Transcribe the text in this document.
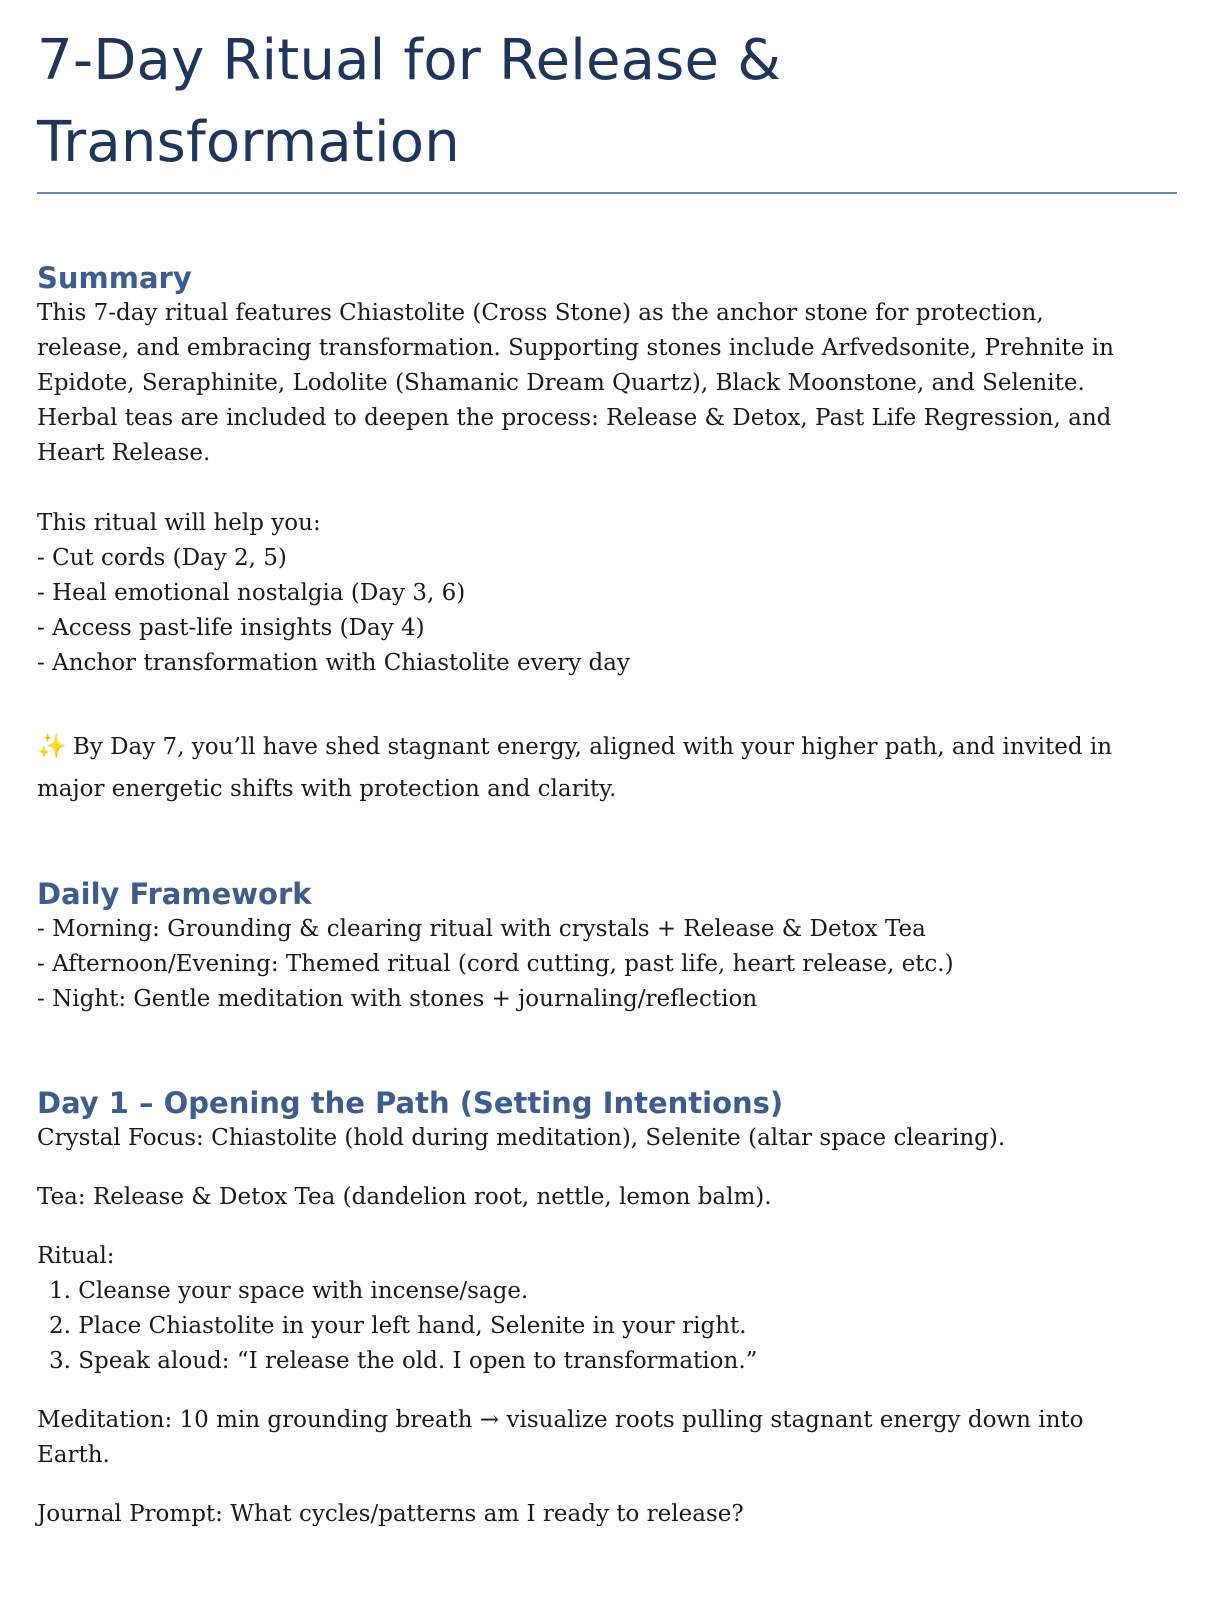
7-Day Ritual for Release & Transformation
Summary

This 7-day ritual features Chiastolite (Cross Stone) as the anchor stone for protection, release, and embracing transformation. Supporting stones include Arfvedsonite, Prehnite in Epidote, Seraphinite, Lodolite (Shamanic Dream Quartz), Black Moonstone, and Selenite. Herbal teas are included to deepen the process: Release & Detox, Past Life Regression, and Heart Release.

This ritual will help you:
- Cut cords (Day 2, 5)
- Heal emotional nostalgia (Day 3, 6)
- Access past-life insights (Day 4)
- Anchor transformation with Chiastolite every day

✨ By Day 7, you’ll have shed stagnant energy, aligned with your higher path, and invited in major energetic shifts with protection and clarity.

Daily Framework
- Morning: Grounding & clearing ritual with crystals + Release & Detox Tea
- Afternoon/Evening: Themed ritual (cord cutting, past life, heart release, etc.)
- Night: Gentle meditation with stones + journaling/reflection
Day 1 – Opening the Path (Setting Intentions)
Crystal Focus: Chiastolite (hold during meditation), Selenite (altar space clearing).
Tea: Release & Detox Tea (dandelion root, nettle, lemon balm).
Ritual:
1. Cleanse your space with incense/sage.
2. Place Chiastolite in your left hand, Selenite in your right.
3. Speak aloud: “I release the old. I open to transformation.”

Meditation: 10 min grounding breath → visualize roots pulling stagnant energy down into Earth.

Journal Prompt: What cycles/patterns am I ready to release?
